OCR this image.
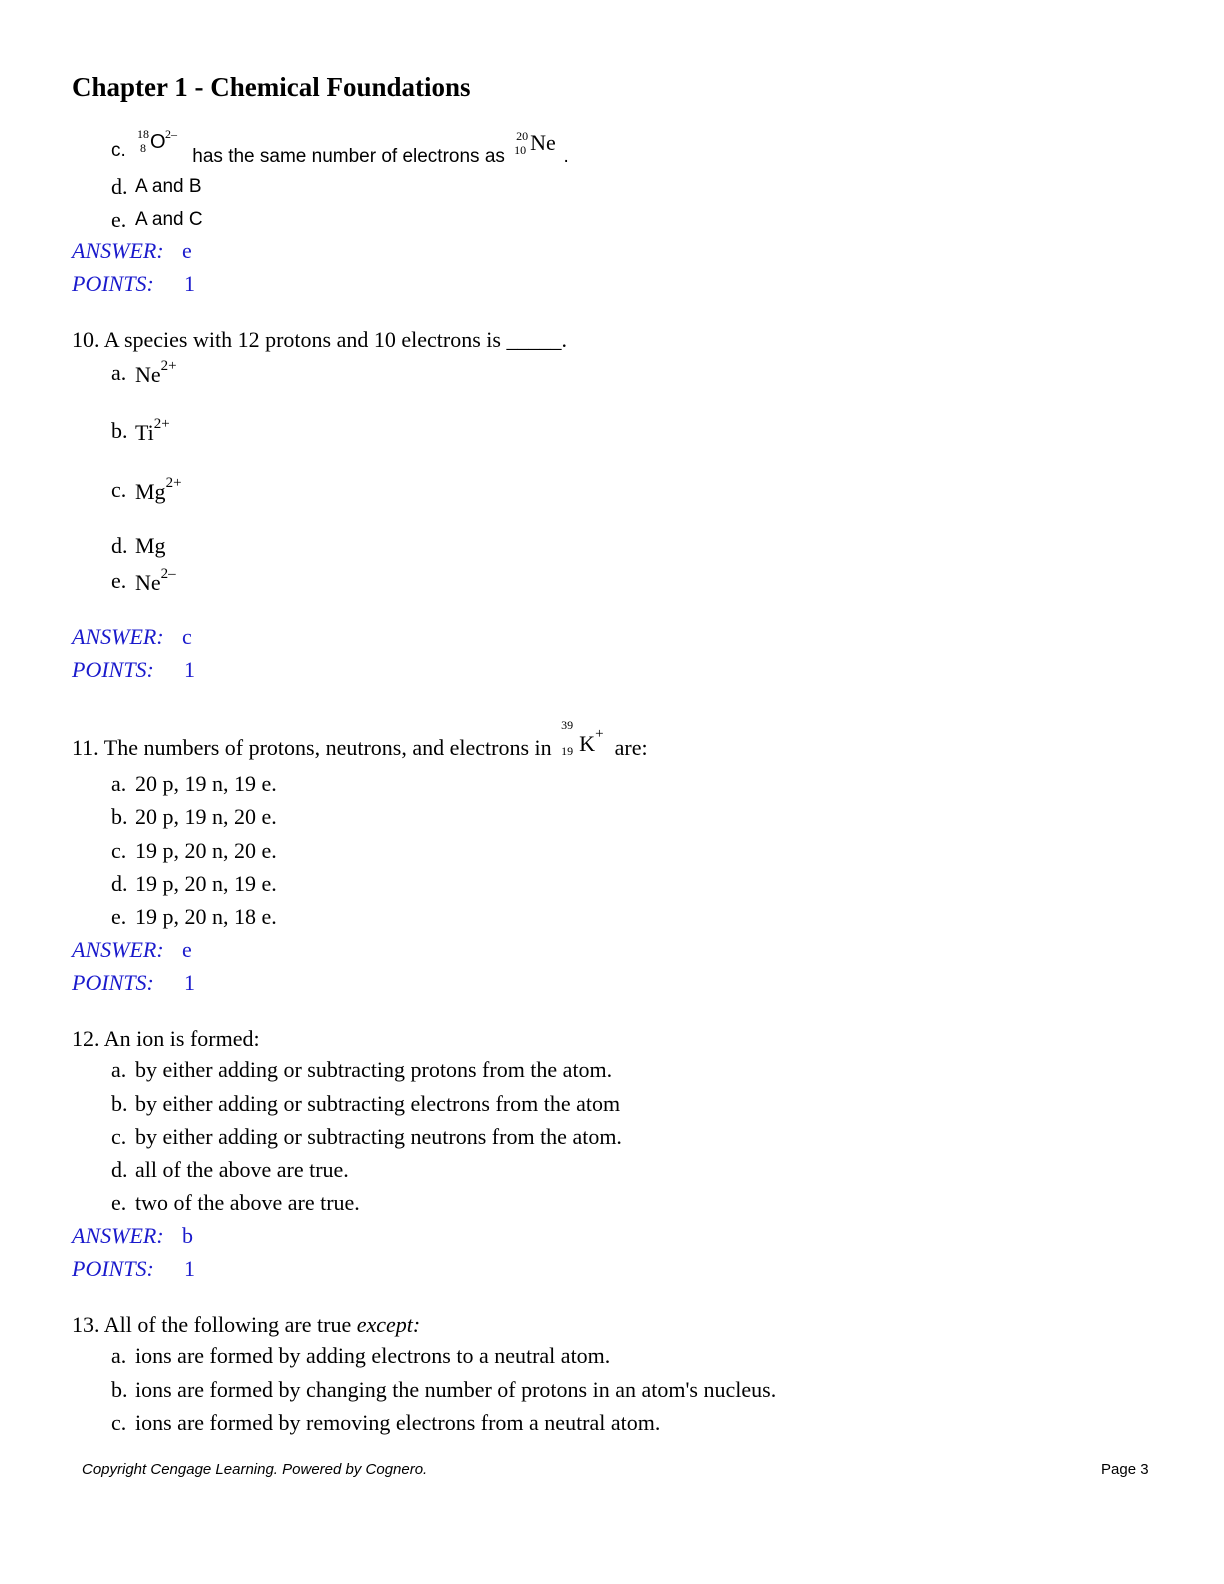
Chapter 1 - Chemical Foundations
c.
18
8 O 2–
has the same number of electrons as
20
10 Ne
.
d. A and B
e. A and C
ANSWER: e
POINTS: 1
10. A species with 12 protons and 10 electrons is _____.
a. $Ne^{2+}$
b. $Ti^{2+}$
c. $Mg^{2+}$
d. Mg
e. $Ne^{2-}$
ANSWER: c
POINTS: 1
11. The numbers of protons, neutrons, and electrons in
39
19 K +
are:
a. 20 p, 19 n, 19 e.
b. 20 p, 19 n, 20 e.
c. 19 p, 20 n, 20 e.
d. 19 p, 20 n, 19 e.
e. 19 p, 20 n, 18 e.
ANSWER: e
POINTS: 1
12. An ion is formed:
a. by either adding or subtracting protons from the atom.
b. by either adding or subtracting electrons from the atom
c. by either adding or subtracting neutrons from the atom.
d. all of the above are true.
e. two of the above are true.
ANSWER: b
POINTS: 1
13. All of the following are true except:
a. ions are formed by adding electrons to a neutral atom.
b. ions are formed by changing the number of protons in an atom's nucleus.
c. ions are formed by removing electrons from a neutral atom.
Copyright Cengage Learning. Powered by Cognero.	Page 3
